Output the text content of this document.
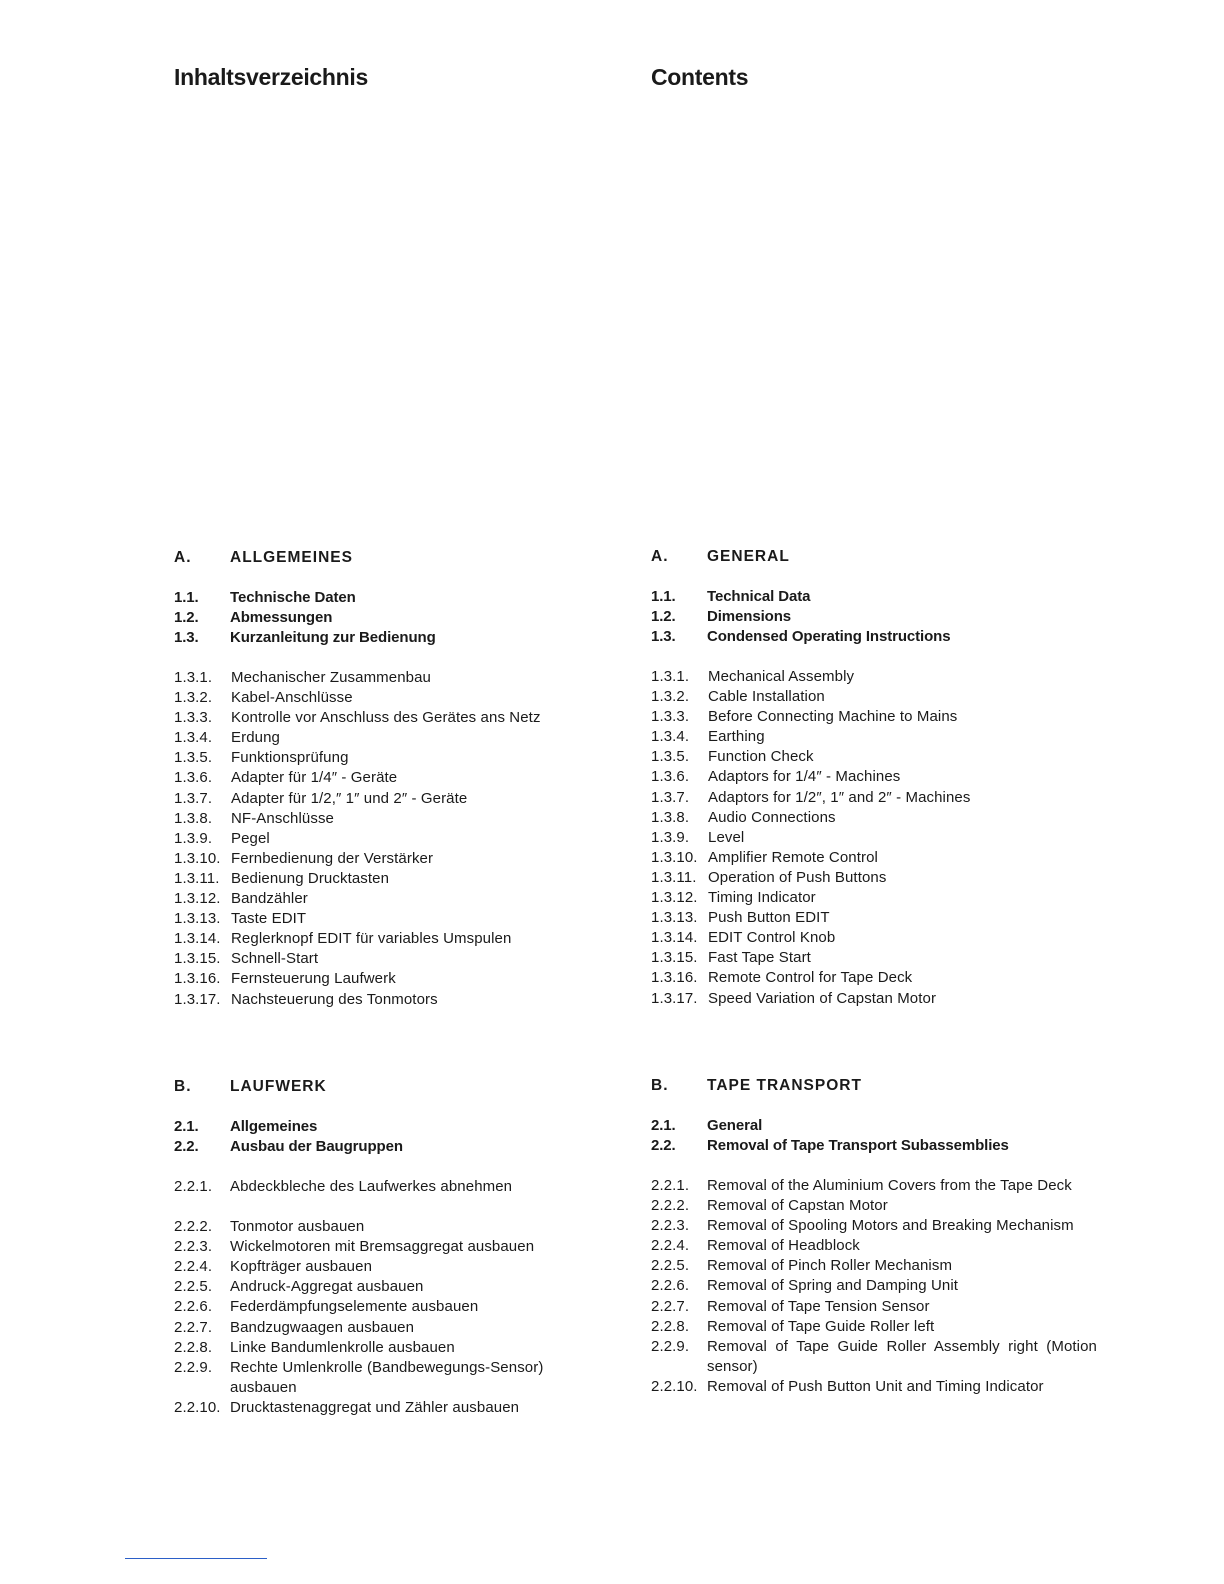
Inhaltsverzeichnis	Contents
A.	ALLGEMEINES
1.1.	Technische Daten
1.2.	Abmessungen
1.3.	Kurzanleitung zur Bedienung
1.3.1.	Mechanischer Zusammenbau
1.3.2.	Kabel-Anschlüsse
1.3.3.	Kontrolle vor Anschluss des Gerätes ans Netz
1.3.4.	Erdung
1.3.5.	Funktionsprüfung
1.3.6.	Adapter für 1/4″ - Geräte
1.3.7.	Adapter für 1/2,″ 1″ und 2″ - Geräte
1.3.8.	NF-Anschlüsse
1.3.9.	Pegel
1.3.10. Fernbedienung der Verstärker
1.3.11. Bedienung Drucktasten
1.3.12. Bandzähler
1.3.13. Taste EDIT
1.3.14. Reglerknopf EDIT für variables Umspulen
1.3.15. Schnell-Start
1.3.16. Fernsteuerung Laufwerk
1.3.17. Nachsteuerung des Tonmotors
B.	LAUFWERK
2.1.	Allgemeines
2.2.	Ausbau der Baugruppen
2.2.1.	Abdeckbleche des Laufwerkes abnehmen
2.2.2.	Tonmotor ausbauen
2.2.3.	Wickelmotoren mit Bremsaggregat ausbauen
2.2.4.	Kopfträger ausbauen
2.2.5.	Andruck-Aggregat ausbauen
2.2.6.	Federdämpfungselemente ausbauen
2.2.7.	Bandzugwaagen ausbauen
2.2.8.	Linke Bandumlenkrolle ausbauen
2.2.9.	Rechte Umlenkrolle (Bandbewegungs-Sensor) ausbauen
2.2.10. Drucktastenaggregat und Zähler ausbauen
A.	GENERAL
1.1.	Technical Data
1.2.	Dimensions
1.3.	Condensed Operating Instructions
1.3.1.	Mechanical Assembly
1.3.2.	Cable Installation
1.3.3.	Before Connecting Machine to Mains
1.3.4.	Earthing
1.3.5.	Function Check
1.3.6.	Adaptors for 1/4″ - Machines
1.3.7.	Adaptors for 1/2″, 1″ and 2″ - Machines
1.3.8.	Audio Connections
1.3.9.	Level
1.3.10. Amplifier Remote Control
1.3.11. Operation of Push Buttons
1.3.12. Timing Indicator
1.3.13. Push Button EDIT
1.3.14. EDIT Control Knob
1.3.15. Fast Tape Start
1.3.16. Remote Control for Tape Deck
1.3.17. Speed Variation of Capstan Motor
B.	TAPE TRANSPORT
2.1.	General
2.2.	Removal of Tape Transport Subassemblies
2.2.1.	Removal of the Aluminium Covers from the Tape Deck
2.2.2.	Removal of Capstan Motor
2.2.3.	Removal of Spooling Motors and Breaking Mechanism
2.2.4.	Removal of Headblock
2.2.5.	Removal of Pinch Roller Mechanism
2.2.6.	Removal of Spring and Damping Unit
2.2.7.	Removal of Tape Tension Sensor
2.2.8.	Removal of Tape Guide Roller left
2.2.9.	Removal of Tape Guide Roller Assembly right (Motion sensor)
2.2.10. Removal of Push Button Unit and Timing Indicator
